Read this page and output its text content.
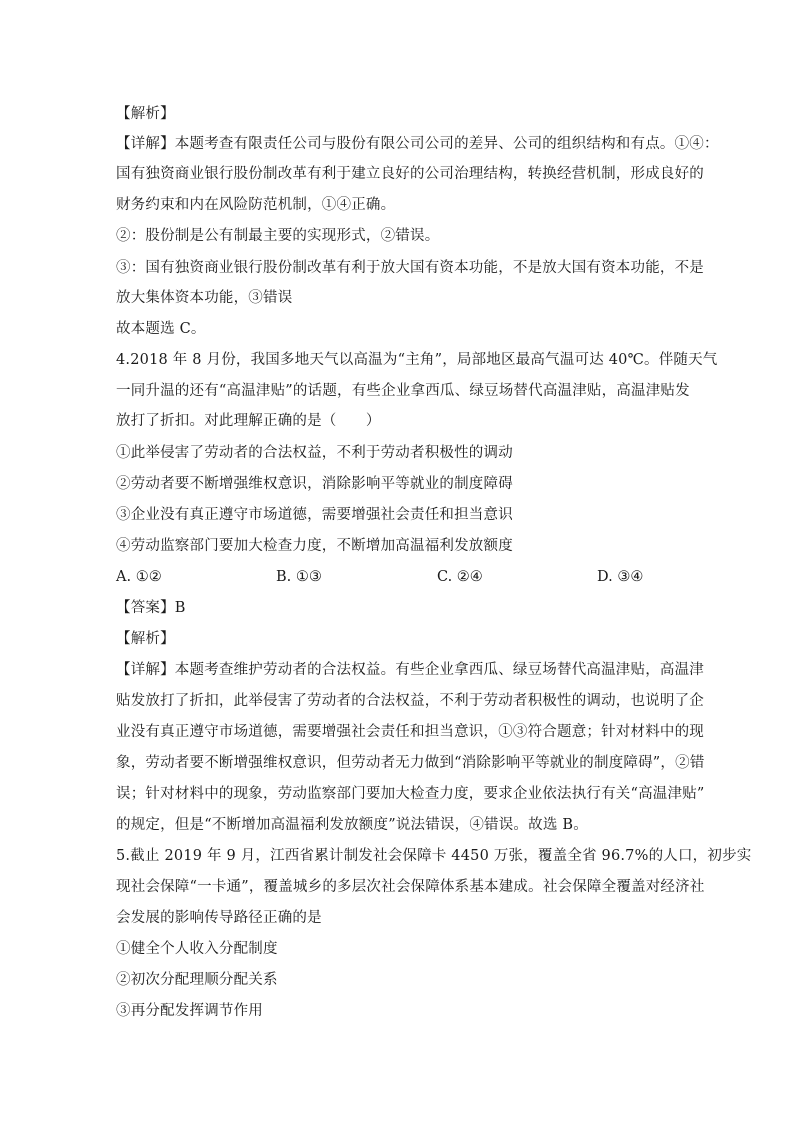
【解析】
【详解】本题考查有限责任公司与股份有限公司公司的差异、公司的组织结构和有点。①④：
国有独资商业银行股份制改革有利于建立良好的公司治理结构，转换经营机制，形成良好的
财务约束和内在风险防范机制，①④正确。
②：股份制是公有制最主要的实现形式，②错误。
③：国有独资商业银行股份制改革有利于放大国有资本功能，不是放大国有资本功能，不是
放大集体资本功能，③错误
故本题选 C。
4.2018 年 8 月份，我国多地天气以高温为“主角”，局部地区最高气温可达 40℃。伴随天气
一同升温的还有“高温津贴”的话题，有些企业拿西瓜、绿豆场替代高温津贴，高温津贴发
放打了折扣。对此理解正确的是（　　）
①此举侵害了劳动者的合法权益，不利于劳动者积极性的调动
②劳动者要不断增强维权意识，消除影响平等就业的制度障碍
③企业没有真正遵守市场道德，需要增强社会责任和担当意识
④劳动监察部门要加大检查力度，不断增加高温福利发放额度
A. ①②	B. ①③	C. ②④	D. ③④
【答案】B
【解析】
【详解】本题考查维护劳动者的合法权益。有些企业拿西瓜、绿豆场替代高温津贴，高温津
贴发放打了折扣，此举侵害了劳动者的合法权益，不利于劳动者积极性的调动，也说明了企
业没有真正遵守市场道德，需要增强社会责任和担当意识，①③符合题意；针对材料中的现
象，劳动者要不断增强维权意识，但劳动者无力做到“消除影响平等就业的制度障碍”，②错
误；针对材料中的现象，劳动监察部门要加大检查力度，要求企业依法执行有关“高温津贴”
的规定，但是“不断增加高温福利发放额度”说法错误，④错误。故选 B。
5.截止 2019 年 9 月，江西省累计制发社会保障卡 4450 万张，覆盖全省 96.7%的人口，初步实
现社会保障“一卡通”，覆盖城乡的多层次社会保障体系基本建成。社会保障全覆盖对经济社
会发展的影响传导路径正确的是
①健全个人收入分配制度
②初次分配理顺分配关系
③再分配发挥调节作用
